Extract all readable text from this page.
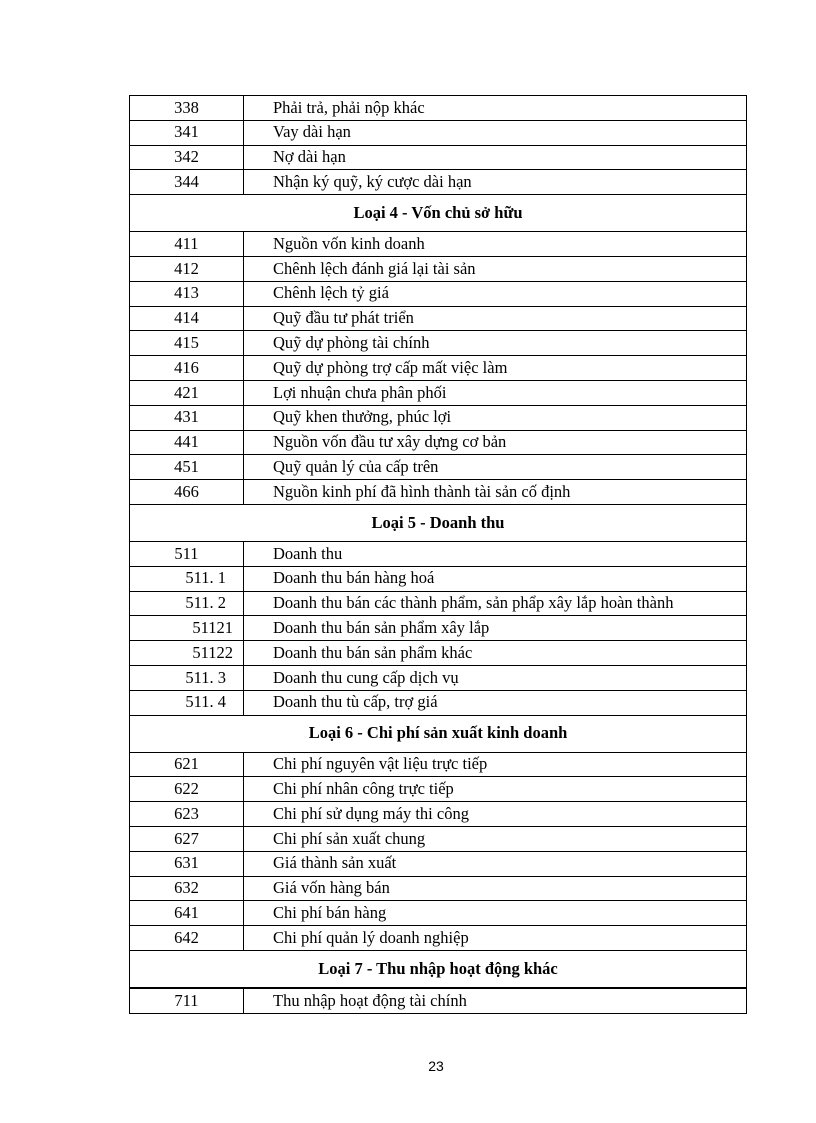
338	Phải trả, phải nộp khác
341	Vay dài hạn
342	Nợ dài hạn
344	Nhận ký quỹ, ký cược dài hạn
Loại 4 - Vốn chủ sở hữu	
411	Nguồn vốn kinh doanh
412	Chênh lệch đánh giá lại tài sản
413	Chênh lệch tỷ giá
414	Quỹ đầu tư phát triển
415	Quỹ dự phòng tài chính
416	Quỹ dự phòng trợ cấp mất việc làm
421	Lợi nhuận chưa phân phối
431	Quỹ khen thưởng, phúc lợi
441	Nguồn vốn đầu tư xây dựng cơ bản
451	Quỹ quản lý của cấp trên
466	Nguồn kinh phí đã hình thành tài sản cố định
Loại 5 - Doanh thu	
511	Doanh thu
511. 1	Doanh thu bán hàng hoá
511. 2	Doanh thu bán các thành phẩm, sản phẩp xây lắp hoàn thành
51121	Doanh thu bán sản phẩm xây lắp
51122	Doanh thu bán sản phẩm khác
511. 3	Doanh thu cung cấp dịch vụ
511. 4	Doanh thu tù cấp, trợ giá
Loại 6 - Chi phí sản xuất kinh doanh	
621	Chi phí nguyên vật liệu trực tiếp
622	Chi phí nhân công trực tiếp
623	Chi phí sử dụng máy thi công
627	Chi phí sản xuất chung
631	Giá thành sản xuất
632	Giá vốn hàng bán
641	Chi phí bán hàng
642	Chi phí quản lý doanh nghiệp
Loại 7 - Thu nhập hoạt động khác	
711	Thu nhập hoạt động tài chính
23
